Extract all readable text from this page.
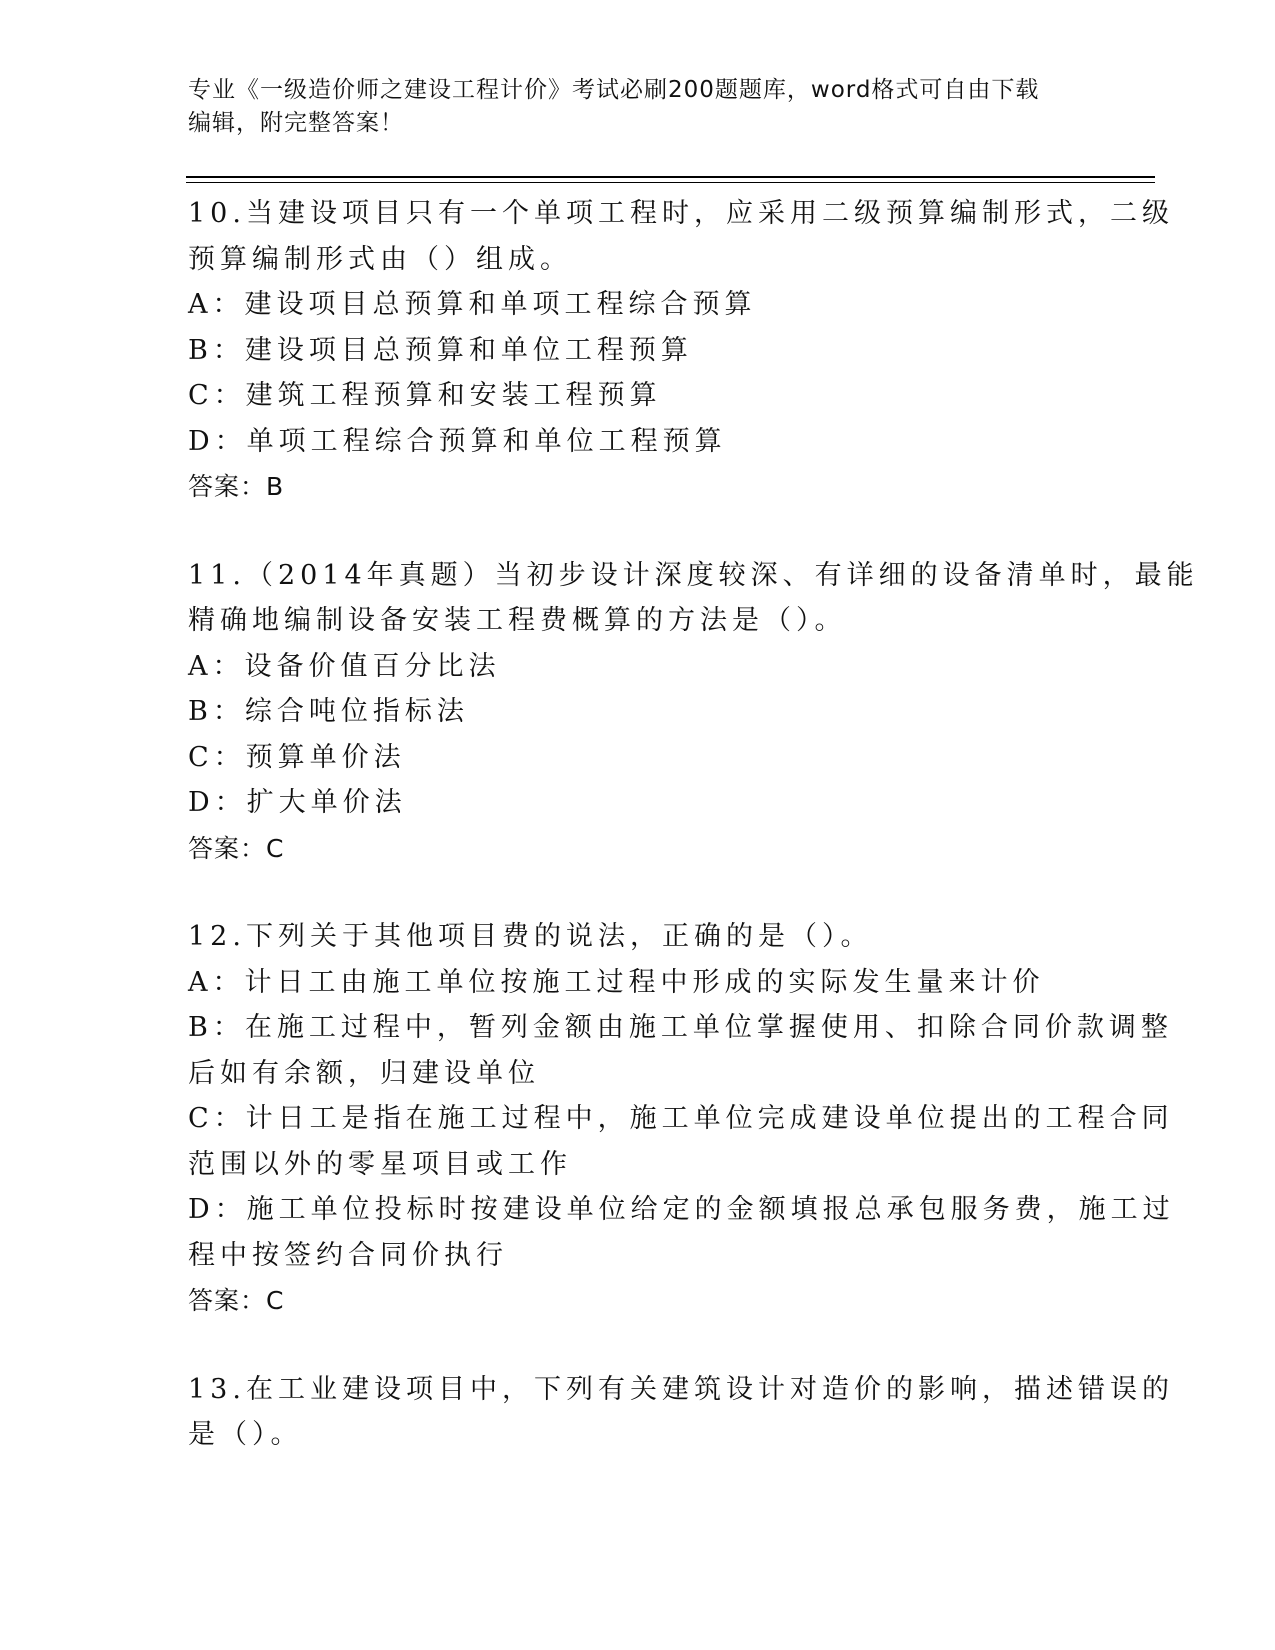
专业《一级造价师之建设工程计价》考试必刷200题题库，word格式可自由下载
编辑，附完整答案！
10.当建设项目只有一个单项工程时，应采用二级预算编制形式，二级
预算编制形式由（）组成。
A：建设项目总预算和单项工程综合预算
B：建设项目总预算和单位工程预算
C：建筑工程预算和安装工程预算
D：单项工程综合预算和单位工程预算
答案：B
11.（2014年真题）当初步设计深度较深、有详细的设备清单时，最能
精确地编制设备安装工程费概算的方法是（）。
A：设备价值百分比法
B：综合吨位指标法
C：预算单价法
D：扩大单价法
答案：C
12.下列关于其他项目费的说法，正确的是（）。
A：计日工由施工单位按施工过程中形成的实际发生量来计价
B：在施工过程中，暂列金额由施工单位掌握使用、扣除合同价款调整
后如有余额，归建设单位
C：计日工是指在施工过程中，施工单位完成建设单位提出的工程合同
范围以外的零星项目或工作
D：施工单位投标时按建设单位给定的金额填报总承包服务费，施工过
程中按签约合同价执行
答案：C
13.在工业建设项目中，下列有关建筑设计对造价的影响，描述错误的
是（）。
